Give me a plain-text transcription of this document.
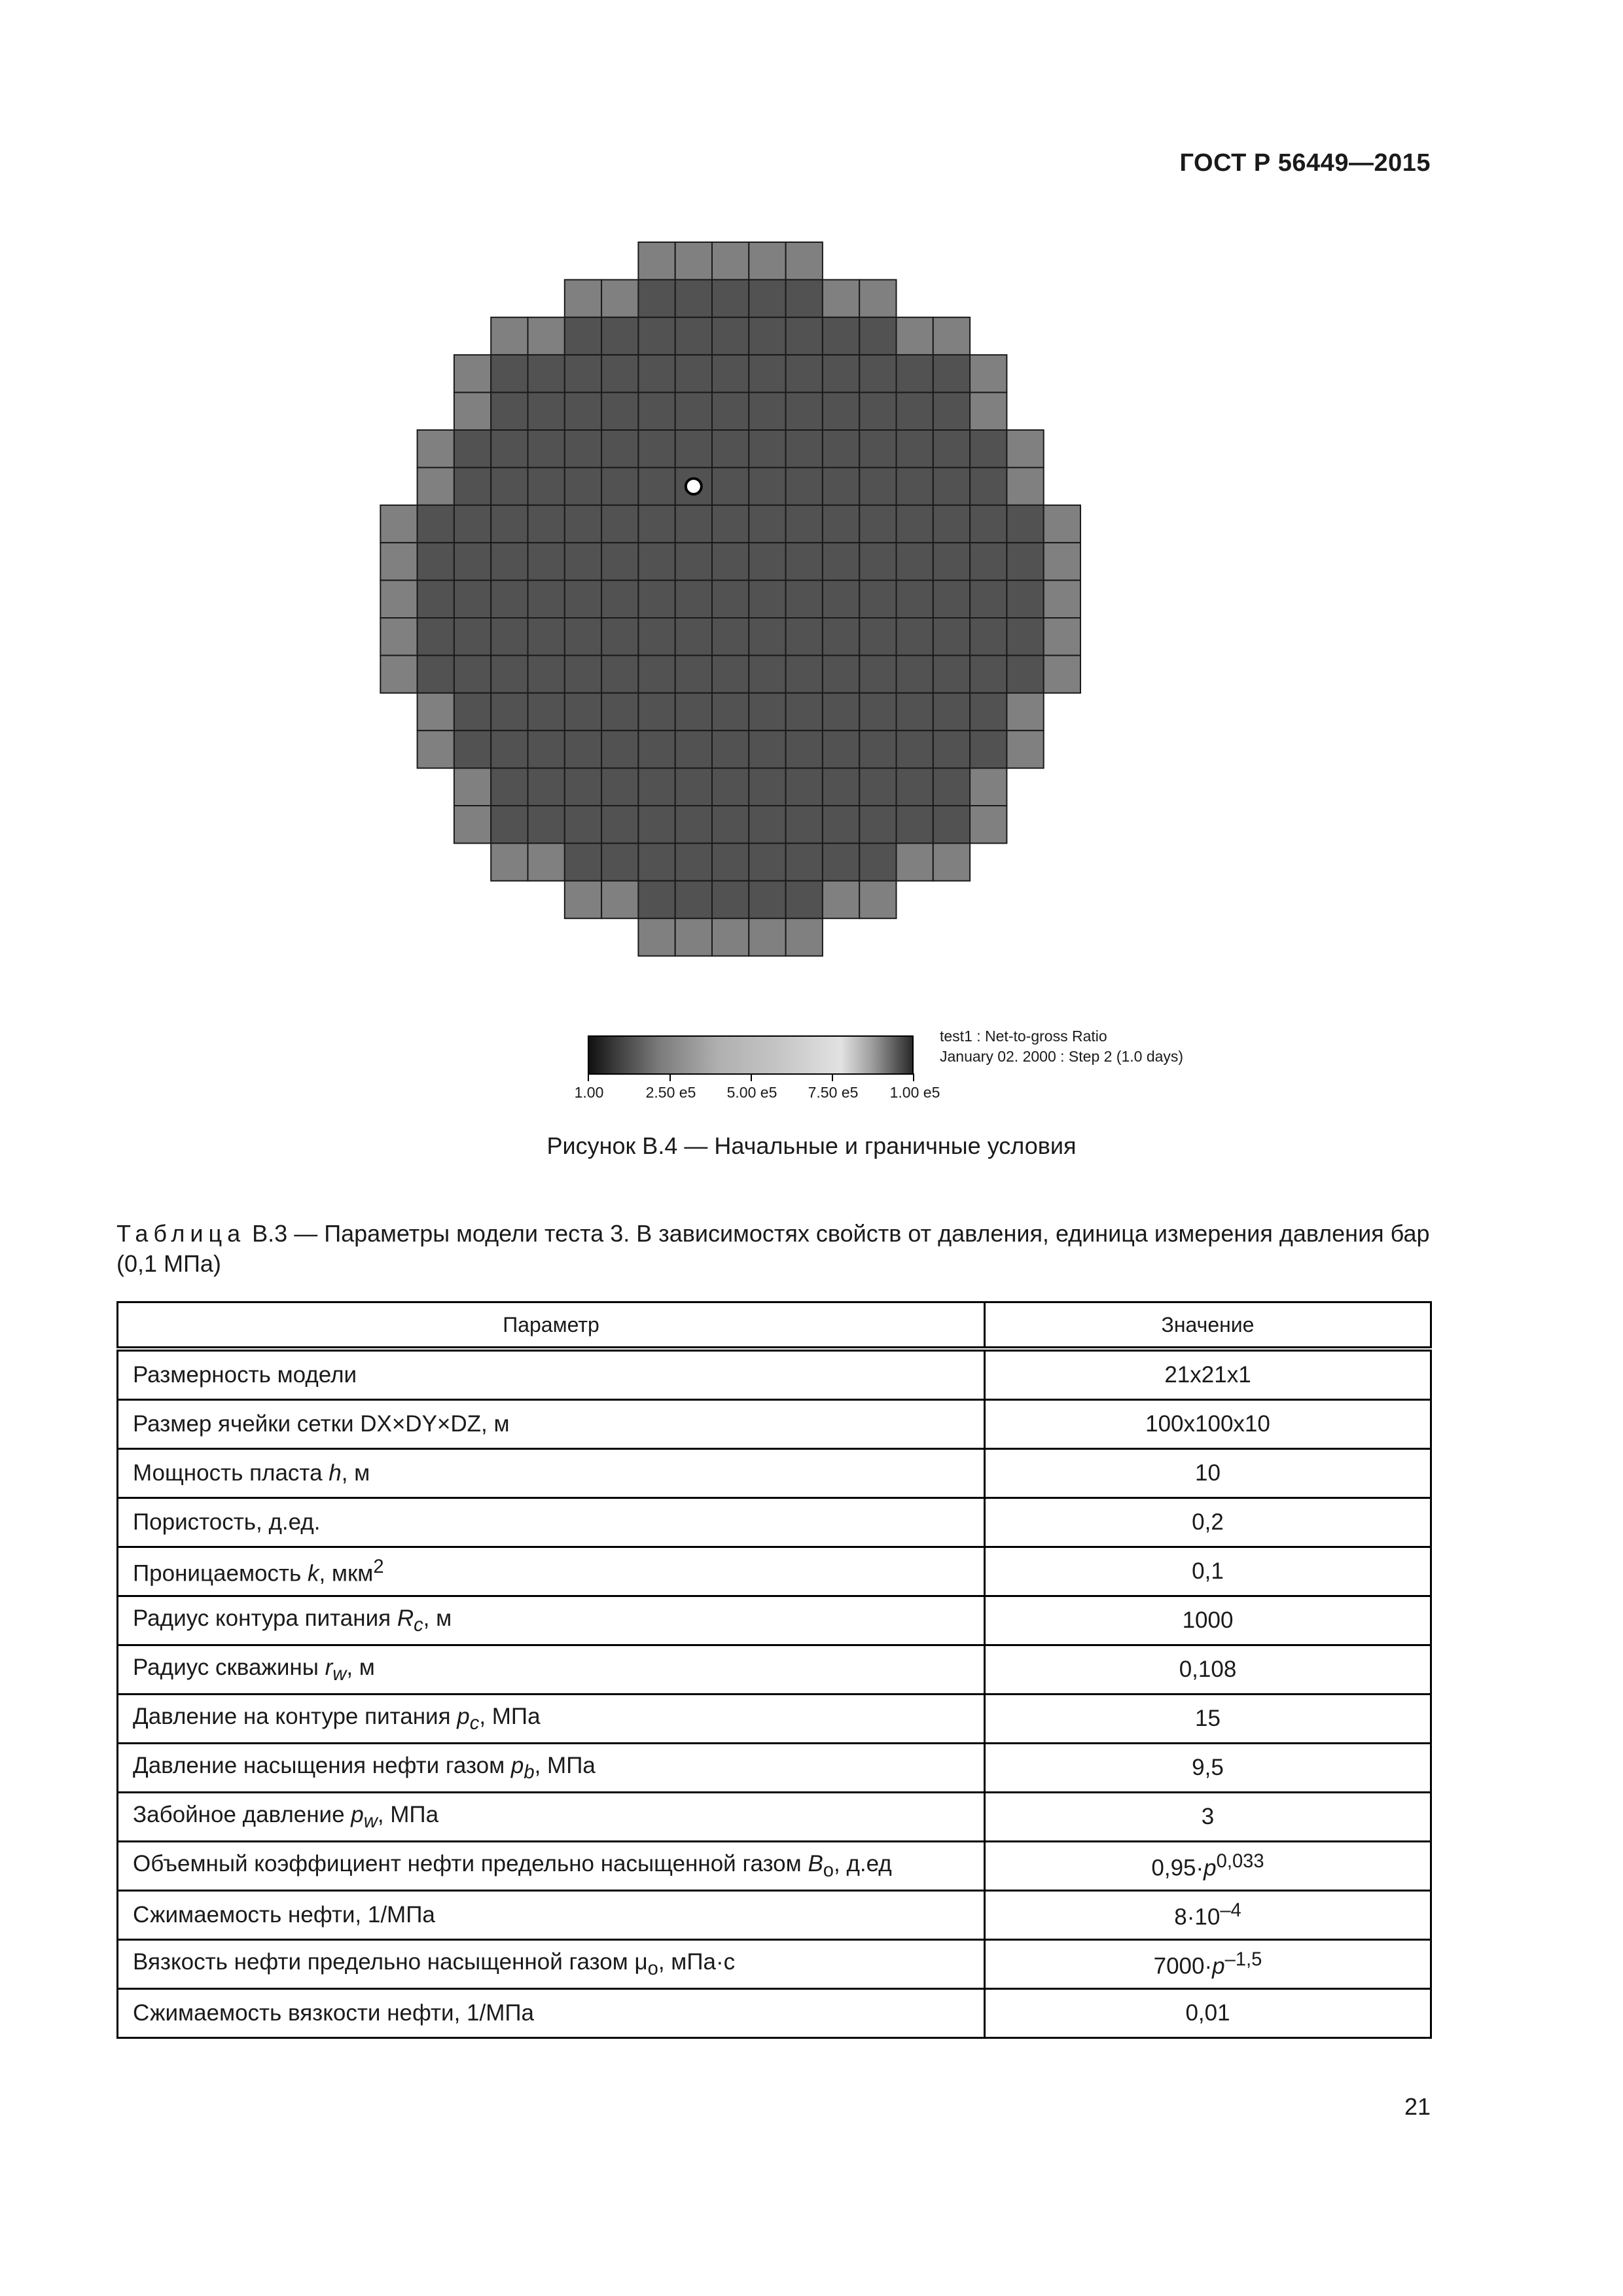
ГОСТ Р 56449—2015
1.00	2.50 e5 5.00 e5 7.50 e5 1.00 e5
test1 : Net-to-gross Ratio
January 02. 2000 : Step 2 (1.0 days)
Рисунок В.4 — Начальные и граничные условия
Таблица В.3 — Параметры модели теста 3. В зависимостях свойств от давления, единица измерения давления бар (0,1 МПа)
Параметр	Значение
Размерность модели	21x21x1
Размер ячейки сетки DX×DY×DZ, м	100x100x10
Мощность пласта h, м	10
Пористость, д.ед.	0,2
Проницаемость k, мкм$^2$	0,1
Радиус контура питания $R_c$, м	1000
Радиус скважины $r_w$, м	0,108
Давление на контуре питания $p_c$, МПа	15
Давление насыщения нефти газом $p_b$, МПа	9,5
Забойное давление $p_w$, МПа	3
Объемный коэффициент нефти предельно насыщенной газом $B_o$, д.ед	$0,95\cdot p^{0,033}$
Сжимаемость нефти, 1/МПа	$8\cdot 10^{-4}$
Вязкость нефти предельно насыщенной газом $\mu_o$, мПа·с	$7000\cdot p^{-1,5}$
Сжимаемость вязкости нефти, 1/МПа	0,01
21
